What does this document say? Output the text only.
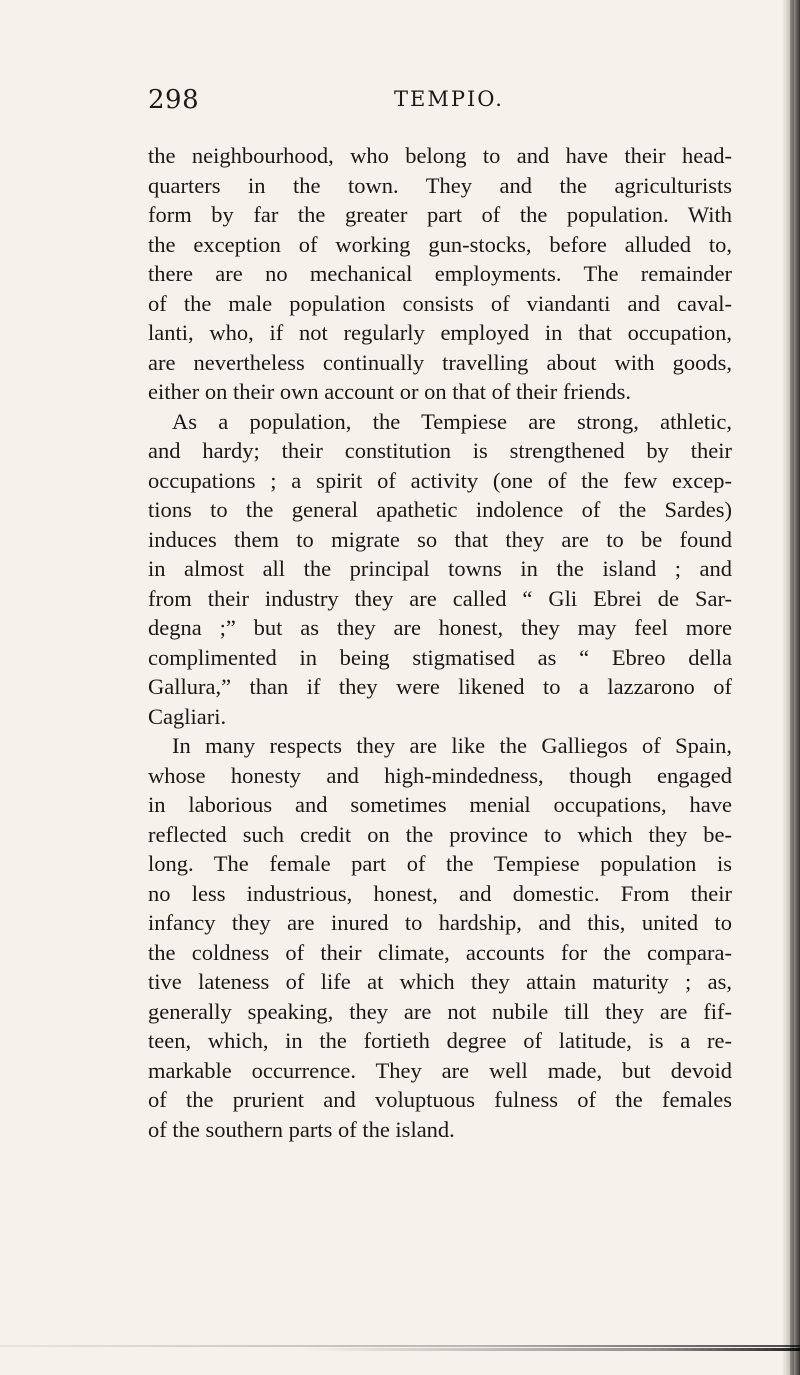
298	TEMPIO.
the neighbourhood, who belong to and have their head-
quarters in the town. They and the agriculturists
form by far the greater part of the population. With
the exception of working gun-stocks, before alluded to,
there are no mechanical employments. The remainder
of the male population consists of viandanti and caval-
lanti, who, if not regularly employed in that occupation,
are nevertheless continually travelling about with goods,
either on their own account or on that of their friends.
As a population, the Tempiese are strong, athletic,
and hardy; their constitution is strengthened by their
occupations ; a spirit of activity (one of the few excep-
tions to the general apathetic indolence of the Sardes)
induces them to migrate so that they are to be found
in almost all the principal towns in the island ; and
from their industry they are called “ Gli Ebrei de Sar-
degna ;” but as they are honest, they may feel more
complimented in being stigmatised as “ Ebreo della
Gallura,” than if they were likened to a lazzarono of
Cagliari.
In many respects they are like the Galliegos of Spain,
whose honesty and high-mindedness, though engaged
in laborious and sometimes menial occupations, have
reflected such credit on the province to which they be-
long. The female part of the Tempiese population is
no less industrious, honest, and domestic. From their
infancy they are inured to hardship, and this, united to
the coldness of their climate, accounts for the compara-
tive lateness of life at which they attain maturity ; as,
generally speaking, they are not nubile till they are fif-
teen, which, in the fortieth degree of latitude, is a re-
markable occurrence. They are well made, but devoid
of the prurient and voluptuous fulness of the females
of the southern parts of the island.
